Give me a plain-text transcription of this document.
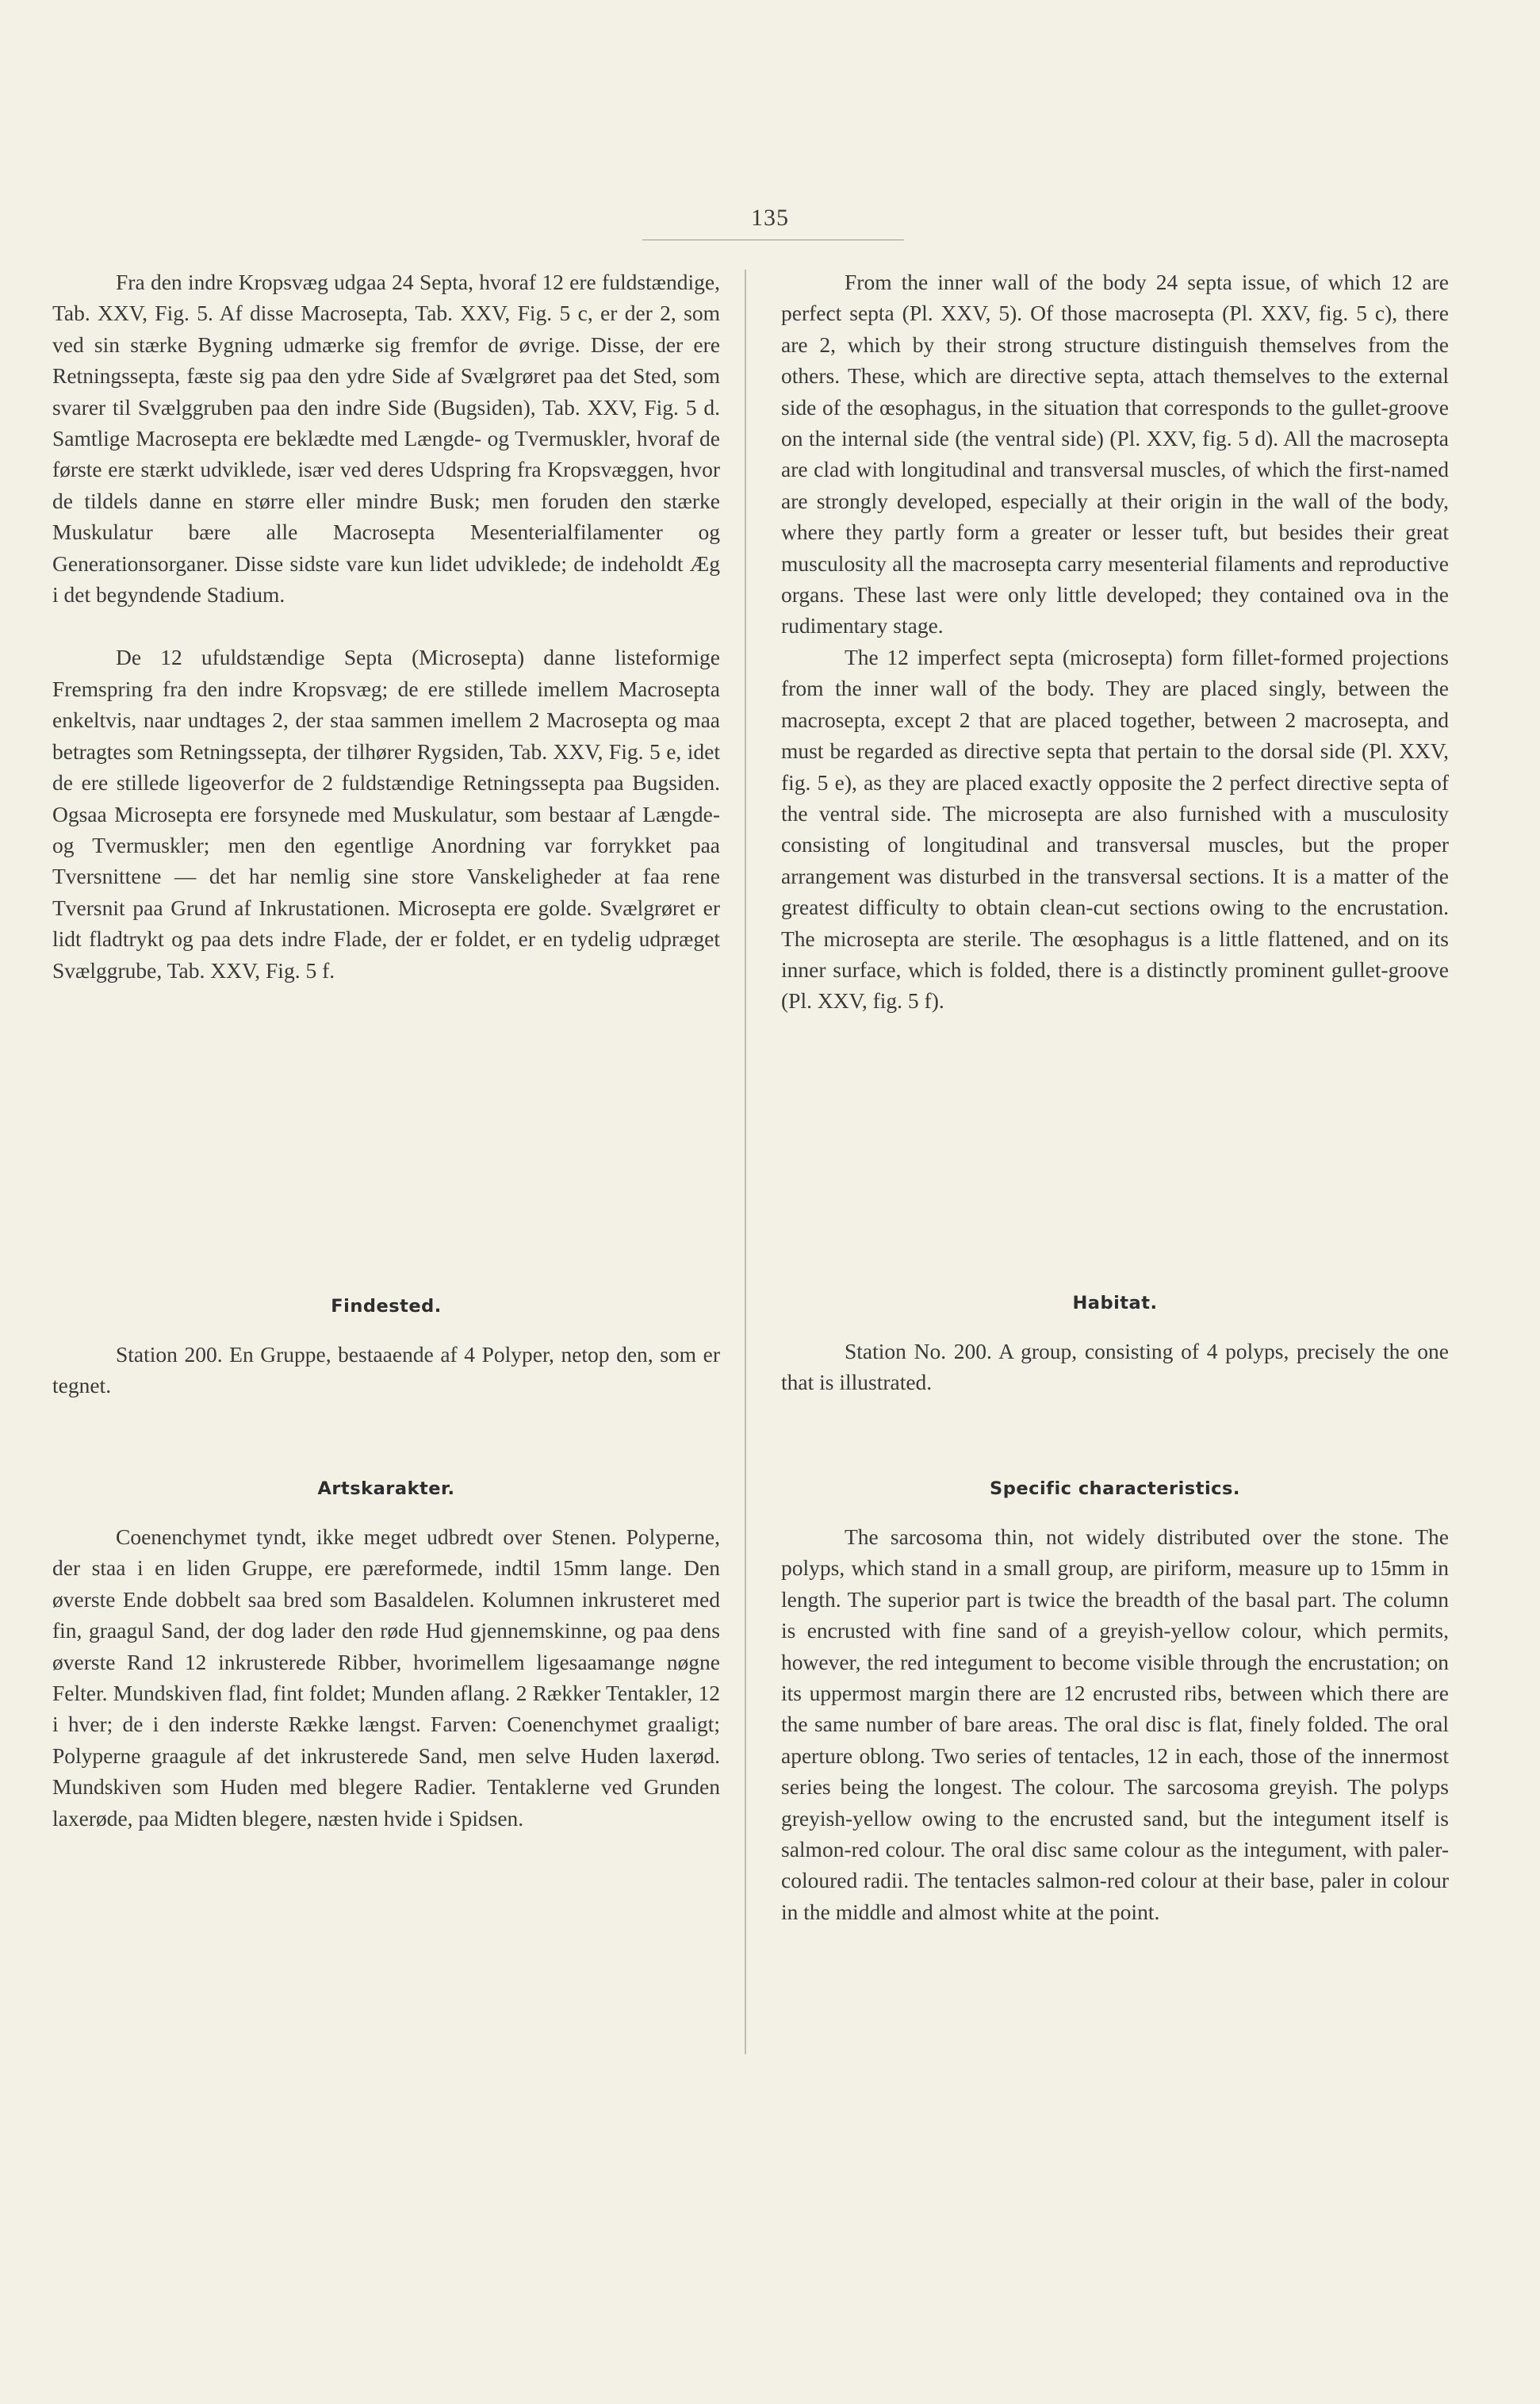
135

Fra den indre Kropsvæg udgaa 24 Septa, hvoraf 12 ere fuldstændige, Tab. XXV, Fig. 5. Af disse Macrosepta, Tab. XXV, Fig. 5 c, er der 2, som ved sin stærke Bygning udmærke sig fremfor de øvrige. Disse, der ere Retningssepta, fæste sig paa den ydre Side af Svælgrøret paa det Sted, som svarer til Svælggruben paa den indre Side (Bugsiden), Tab. XXV, Fig. 5 d. Samtlige Macrosepta ere beklædte med Længde- og Tvermuskler, hvoraf de første ere stærkt udviklede, især ved deres Udspring fra Kropsvæggen, hvor de tildels danne en større eller mindre Busk; men foruden den stærke Muskulatur bære alle Macrosepta Mesenterialfilamenter og Generationsorganer. Disse sidste vare kun lidet udviklede; de indeholdt Æg i det begyndende Stadium.

De 12 ufuldstændige Septa (Microsepta) danne listeformige Fremspring fra den indre Kropsvæg; de ere stillede imellem Macrosepta enkeltvis, naar undtages 2, der staa sammen imellem 2 Macrosepta og maa betragtes som Retningssepta, der tilhører Rygsiden, Tab. XXV, Fig. 5 e, idet de ere stillede ligeoverfor de 2 fuldstændige Retningssepta paa Bugsiden. Ogsaa Microsepta ere forsynede med Muskulatur, som bestaar af Længde- og Tvermuskler; men den egentlige Anordning var forrykket paa Tversnittene — det har nemlig sine store Vanskeligheder at faa rene Tversnit paa Grund af Inkrustationen. Microsepta ere golde. Svælgrøret er lidt fladtrykt og paa dets indre Flade, der er foldet, er en tydelig udpræget Svælggrube, Tab. XXV, Fig. 5 f.

Findested.

Station 200. En Gruppe, bestaaende af 4 Polyper, netop den, som er tegnet.

Artskarakter.

Coenenchymet tyndt, ikke meget udbredt over Stenen. Polyperne, der staa i en liden Gruppe, ere pæreformede, indtil 15mm lange. Den øverste Ende dobbelt saa bred som Basaldelen. Kolumnen inkrusteret med fin, graagul Sand, der dog lader den røde Hud gjennemskinne, og paa dens øverste Rand 12 inkrusterede Ribber, hvorimellem ligesaamange nøgne Felter. Mundskiven flad, fint foldet; Munden aflang. 2 Rækker Tentakler, 12 i hver; de i den inderste Række længst. Farven: Coenenchymet graaligt; Polyperne graagule af det inkrusterede Sand, men selve Huden laxerød. Mundskiven som Huden med blegere Radier. Tentaklerne ved Grunden laxerøde, paa Midten blegere, næsten hvide i Spidsen.

From the inner wall of the body 24 septa issue, of which 12 are perfect septa (Pl. XXV, 5). Of those macrosepta (Pl. XXV, fig. 5 c), there are 2, which by their strong structure distinguish themselves from the others. These, which are directive septa, attach themselves to the external side of the œsophagus, in the situation that corresponds to the gullet-groove on the internal side (the ventral side) (Pl. XXV, fig. 5 d). All the macrosepta are clad with longitudinal and transversal muscles, of which the first-named are strongly developed, especially at their origin in the wall of the body, where they partly form a greater or lesser tuft, but besides their great musculosity all the macrosepta carry mesenterial filaments and reproductive organs. These last were only little developed; they contained ova in the rudimentary stage.

The 12 imperfect septa (microsepta) form fillet-formed projections from the inner wall of the body. They are placed singly, between the macrosepta, except 2 that are placed together, between 2 macrosepta, and must be regarded as directive septa that pertain to the dorsal side (Pl. XXV, fig. 5 e), as they are placed exactly opposite the 2 perfect directive septa of the ventral side. The microsepta are also furnished with a musculosity consisting of longitudinal and transversal muscles, but the proper arrangement was disturbed in the transversal sections. It is a matter of the greatest difficulty to obtain clean-cut sections owing to the encrustation. The microsepta are sterile. The œsophagus is a little flattened, and on its inner surface, which is folded, there is a distinctly prominent gullet-groove (Pl. XXV, fig. 5 f).

Habitat.

Station No. 200. A group, consisting of 4 polyps, precisely the one that is illustrated.

Specific characteristics.

The sarcosoma thin, not widely distributed over the stone. The polyps, which stand in a small group, are piriform, measure up to 15mm in length. The superior part is twice the breadth of the basal part. The column is encrusted with fine sand of a greyish-yellow colour, which permits, however, the red integument to become visible through the encrustation; on its uppermost margin there are 12 encrusted ribs, between which there are the same number of bare areas. The oral disc is flat, finely folded. The oral aperture oblong. Two series of tentacles, 12 in each, those of the innermost series being the longest. The colour. The sarcosoma greyish. The polyps greyish-yellow owing to the encrusted sand, but the integument itself is salmon-red colour. The oral disc same colour as the integument, with paler-coloured radii. The tentacles salmon-red colour at their base, paler in colour in the middle and almost white at the point.
